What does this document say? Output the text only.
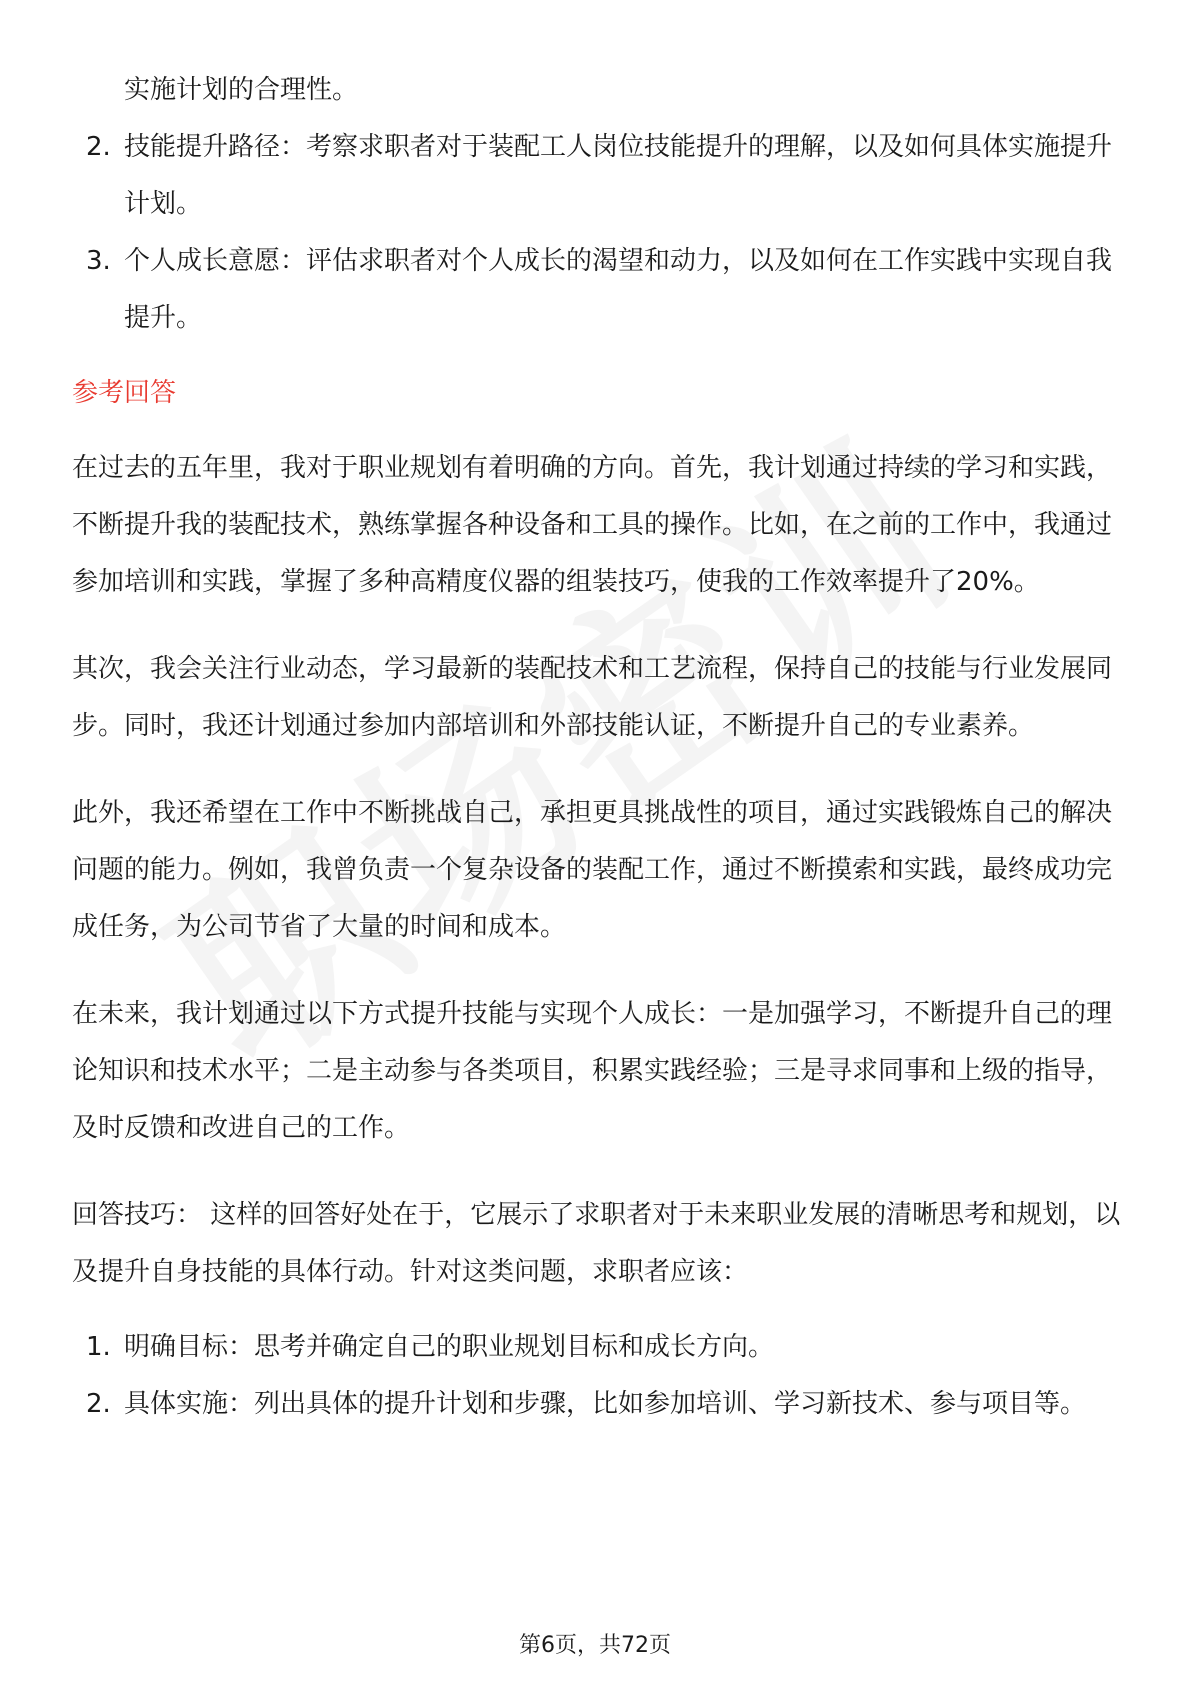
实施计划的合理性。
2. 技能提升路径：考察求职者对于装配工人岗位技能提升的理解，以及如何具体实施提升计划。
3. 个人成长意愿：评估求职者对个人成长的渴望和动力，以及如何在工作实践中实现自我提升。
参考回答

在过去的五年里，我对于职业规划有着明确的方向。首先，我计划通过持续的学习和实践，不断提升我的装配技术，熟练掌握各种设备和工具的操作。比如，在之前的工作中，我通过参加培训和实践，掌握了多种高精度仪器的组装技巧，使我的工作效率提升了20%。

其次，我会关注行业动态，学习最新的装配技术和工艺流程，保持自己的技能与行业发展同步。同时，我还计划通过参加内部培训和外部技能认证，不断提升自己的专业素养。

此外，我还希望在工作中不断挑战自己，承担更具挑战性的项目，通过实践锻炼自己的解决问题的能力。例如，我曾负责一个复杂设备的装配工作，通过不断摸索和实践，最终成功完成任务，为公司节省了大量的时间和成本。

在未来，我计划通过以下方式提升技能与实现个人成长：一是加强学习，不断提升自己的理论知识和技术水平；二是主动参与各类项目，积累实践经验；三是寻求同事和上级的指导，及时反馈和改进自己的工作。

回答技巧： 这样的回答好处在于，它展示了求职者对于未来职业发展的清晰思考和规划，以及提升自身技能的具体行动。针对这类问题，求职者应该：

1. 明确目标：思考并确定自己的职业规划目标和成长方向。
2. 具体实施：列出具体的提升计划和步骤，比如参加培训、学习新技术、参与项目等。
第6页，共72页
